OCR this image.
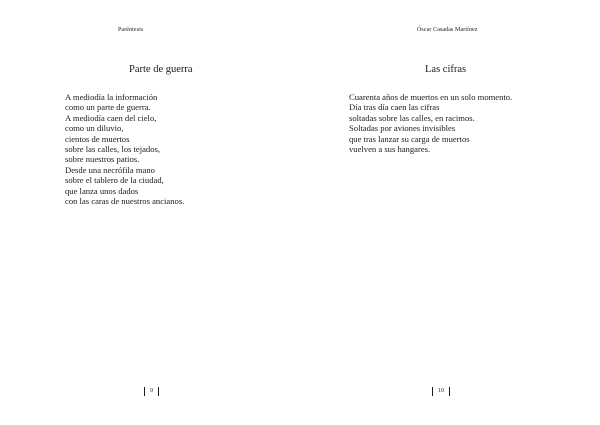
Paréntesis
Parte de guerra
A mediodía la información
como un parte de guerra.
A mediodía caen del cielo,
como un diluvio,
cientos de muertos
sobre las calles, los tejados,
sobre nuestros patios.
Desde una necrófila mano
sobre el tablero de la ciudad,
que lanza unos dados
con las caras de nuestros ancianos.
9
Óscar Casadas Martínez
Las cifras
Cuarenta años de muertos en un solo momento.
Día tras día caen las cifras
soltadas sobre las calles, en racimos.
Soltadas por aviones invisibles
que tras lanzar su carga de muertos
vuelven a sus hangares.
10
